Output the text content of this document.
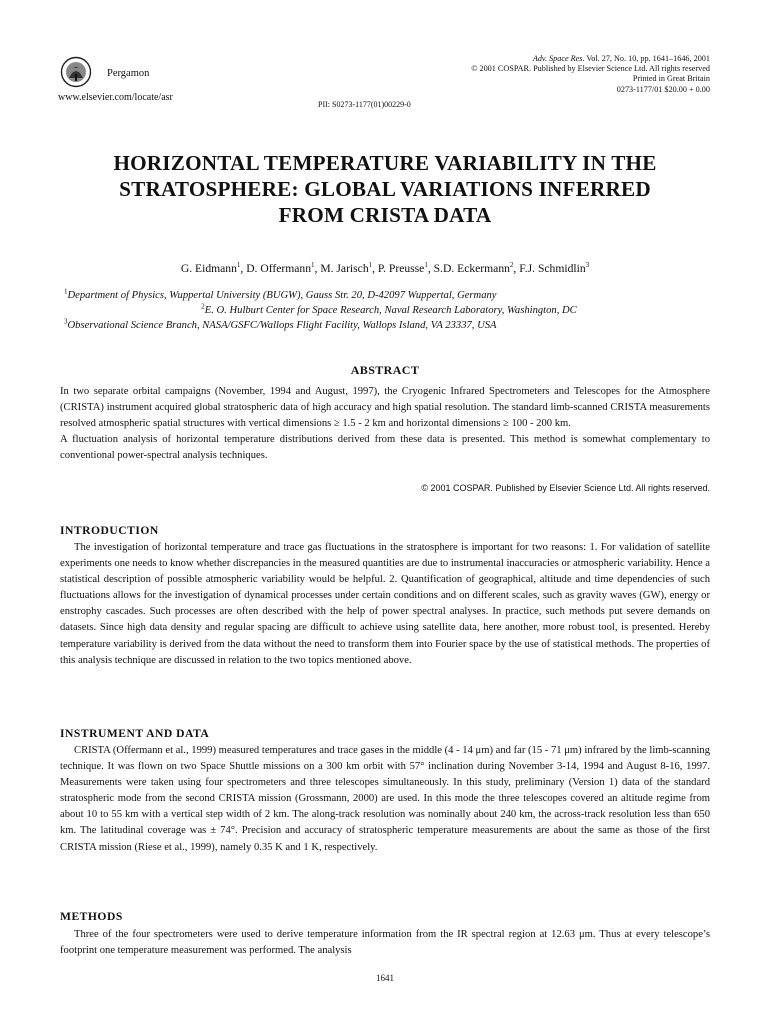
Pergamon
www.elsevier.com/locate/asr
PII: S0273-1177(01)00229-0
Adv. Space Res. Vol. 27, No. 10, pp. 1641–1646, 2001
© 2001 COSPAR. Published by Elsevier Science Ltd. All rights reserved
Printed in Great Britain
0273-1177/01 $20.00 + 0.00
HORIZONTAL TEMPERATURE VARIABILITY IN THE
STRATOSPHERE: GLOBAL VARIATIONS INFERRED
FROM CRISTA DATA
G. Eidmann$^1$, D. Offermann$^1$, M. Jarisch$^1$, P. Preusse$^1$, S.D. Eckermann$^2$, F.J. Schmidlin$^3$
$^1$Department of Physics, Wuppertal University (BUGW), Gauss Str. 20, D-42097 Wuppertal, Germany
$^2$E. O. Hulburt Center for Space Research, Naval Research Laboratory, Washington, DC
$^3$Observational Science Branch, NASA/GSFC/Wallops Flight Facility, Wallops Island, VA 23337, USA
ABSTRACT

In two separate orbital campaigns (November, 1994 and August, 1997), the Cryogenic Infrared Spectrometers and Telescopes for the Atmosphere (CRISTA) instrument acquired global stratospheric data of high accuracy and high spatial resolution. The standard limb-scanned CRISTA measurements resolved atmospheric spatial structures with vertical dimensions ≥ 1.5 - 2 km and horizontal dimensions ≥ 100 - 200 km.

A fluctuation analysis of horizontal temperature distributions derived from these data is presented. This method is somewhat complementary to conventional power-spectral analysis techniques.

© 2001 COSPAR. Published by Elsevier Science Ltd. All rights reserved.
INTRODUCTION
The investigation of horizontal temperature and trace gas fluctuations in the stratosphere is important for two reasons: 1. For validation of satellite experiments one needs to know whether discrepancies in the measured quantities are due to instrumental inaccuracies or atmospheric variability. Hence a statistical description of possible atmospheric variability would be helpful. 2. Quantification of geographical, altitude and time dependencies of such fluctuations allows for the investigation of dynamical processes under certain conditions and on different scales, such as gravity waves (GW), energy or enstrophy cascades. Such processes are often described with the help of power spectral analyses. In practice, such methods put severe demands on datasets. Since high data density and regular spacing are difficult to achieve using satellite data, here another, more robust tool, is presented. Hereby temperature variability is derived from the data without the need to transform them into Fourier space by the use of statistical methods. The properties of this analysis technique are discussed in relation to the two topics mentioned above.
INSTRUMENT AND DATA
CRISTA (Offermann et al., 1999) measured temperatures and trace gases in the middle (4 - 14 μm) and far (15 - 71 μm) infrared by the limb-scanning technique. It was flown on two Space Shuttle missions on a 300 km orbit with 57° inclination during November 3-14, 1994 and August 8-16, 1997. Measurements were taken using four spectrometers and three telescopes simultaneously. In this study, preliminary (Version 1) data of the standard stratospheric mode from the second CRISTA mission (Grossmann, 2000) are used. In this mode the three telescopes covered an altitude regime from about 10 to 55 km with a vertical step width of 2 km. The along-track resolution was nominally about 240 km, the across-track resolution less than 650 km. The latitudinal coverage was ± 74°. Precision and accuracy of stratospheric temperature measurements are about the same as those of the first CRISTA mission (Riese et al., 1999), namely 0.35 K and 1 K, respectively.
METHODS
Three of the four spectrometers were used to derive temperature information from the IR spectral region at 12.63 μm. Thus at every telescope’s footprint one temperature measurement was performed. The analysis
1641
